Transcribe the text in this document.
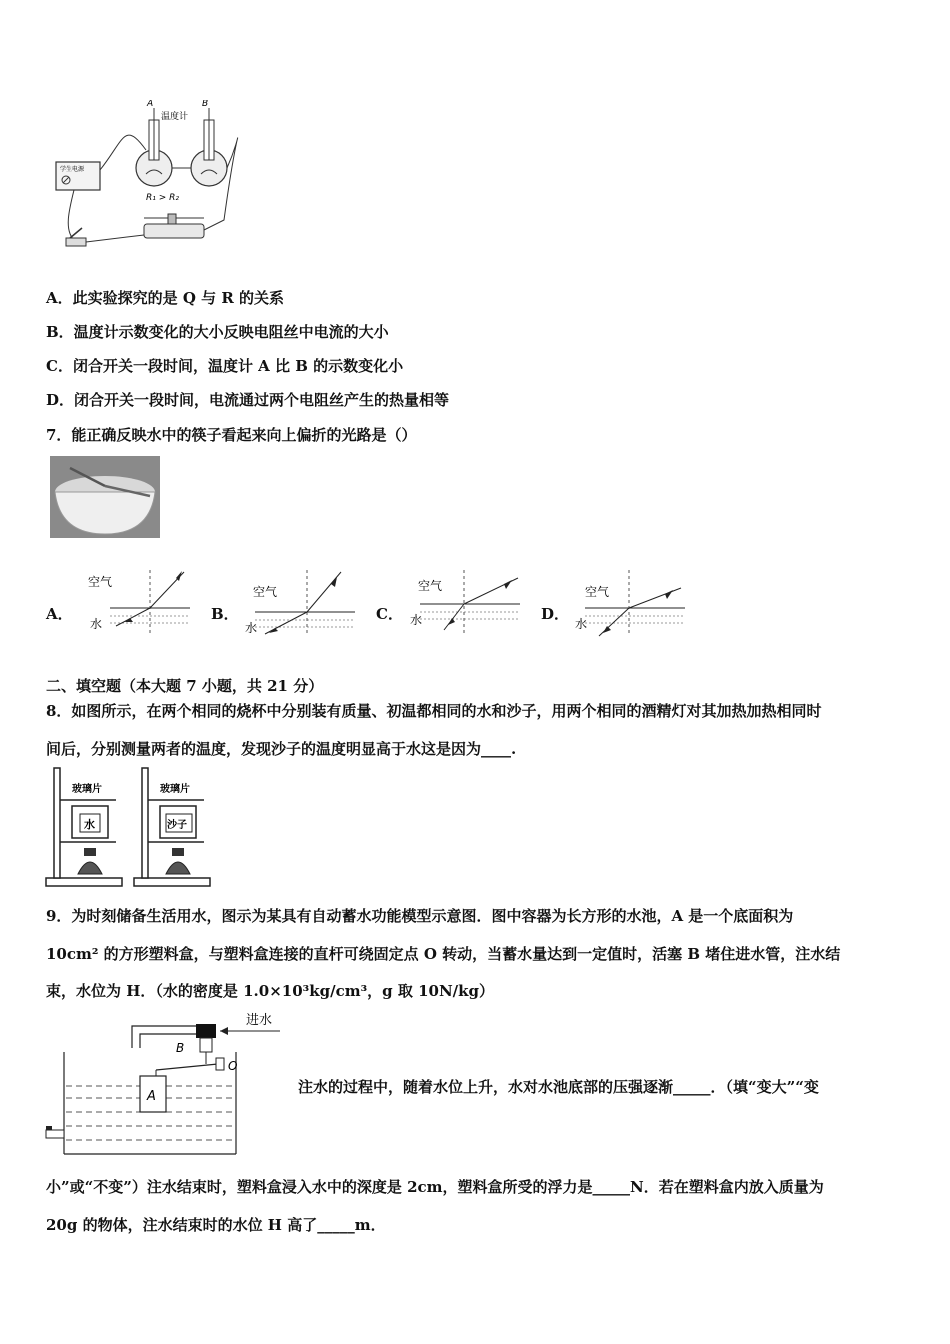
学生电源
A	B
温度计
R₁ > R₂
A．此实验探究的是 Q 与 R 的关系
B．温度计示数变化的大小反映电阻丝中电流的大小
C．闭合开关一段时间，温度计 A 比 B 的示数变化小
D．闭合开关一段时间，电流通过两个电阻丝产生的热量相等
7．能正确反映水中的筷子看起来向上偏折的光路是（）
A．
空气
水
B．
空气
水
C．
空气
水	D．
空气
水
二、填空题（本大题 7 小题，共 21 分）
8．如图所示，在两个相同的烧杯中分别装有质量、初温都相同的水和沙子，用两个相同的酒精灯对其加热加热相同时
间后，分别测量两者的温度，发现沙子的温度明显高于水这是因为____.
玻璃片
水
玻璃片
沙子
9．为时刻储备生活用水，图示为某具有自动蓄水功能模型示意图．图中容器为长方形的水池，A 是一个底面积为
10cm² 的方形塑料盒，与塑料盒连接的直杆可绕固定点 O 转动，当蓄水量达到一定值时，活塞 B 堵住进水管，注水结
束，水位为 H．（水的密度是 1.0×10³kg/cm³，g 取 10N/kg）
进水
B
O
A
注水的过程中，随着水位上升，水对水池底部的压强逐渐_____．（填“变大”“变
小”或“不变”）注水结束时，塑料盒浸入水中的深度是 2cm，塑料盒所受的浮力是_____N．若在塑料盒内放入质量为
20g 的物体，注水结束时的水位 H 高了_____m．
